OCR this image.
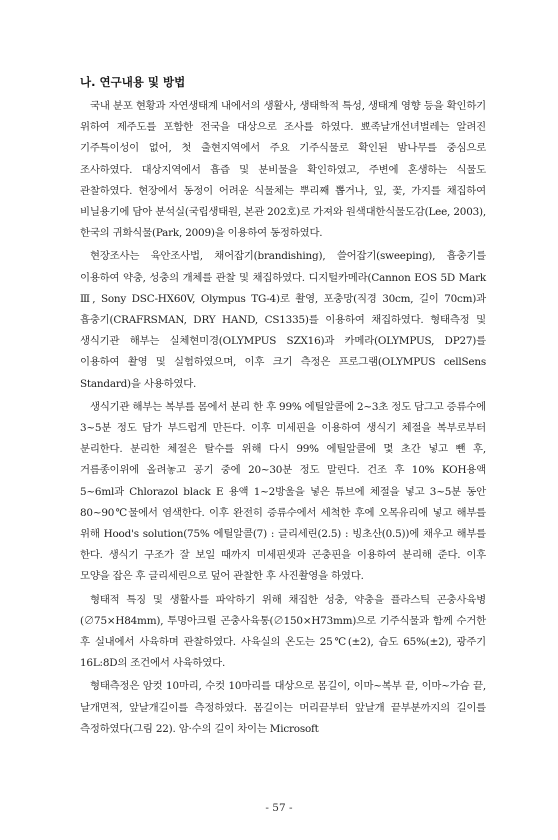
나. 연구내용 및 방법

국내 분포 현황과 자연생태계 내에서의 생활사, 생태학적 특성, 생태계 영향 등을 확인하기 위하여 제주도를 포함한 전국을 대상으로 조사를 하였다. 뾰족날개선녀벌레는 알려진 기주특이성이 없어, 첫 출현지역에서 주요 기주식물로 확인된 밤나무를 중심으로 조사하였다. 대상지역에서 흡즙 및 분비물을 확인하였고, 주변에 혼생하는 식물도 관찰하였다. 현장에서 동정이 어려운 식물체는 뿌리째 뽑거나, 잎, 꽃, 가지를 채집하여 비닐용기에 담아 분석실(국립생태원, 본관 202호)로 가져와 원색대한식물도감(Lee, 2003), 한국의 귀화식물(Park, 2009)을 이용하여 동정하였다.

현장조사는 육안조사법, 채어잡기(brandishing), 쓸어잡기(sweeping), 흡충기를 이용하여 약충, 성충의 개체를 관찰 및 채집하였다. 디지털카메라(Cannon EOS 5D Mark Ⅲ, Sony DSC-HX60V, Olympus TG-4)로 촬영, 포충망(직경 30cm, 길이 70cm)과 흡충기(CRAFRSMAN, DRY HAND, CS1335)를 이용하여 채집하였다. 형태측정 및 생식기관 해부는 실체현미경(OLYMPUS SZX16)과 카메라(OLYMPUS, DP27)를 이용하여 촬영 및 실험하였으며, 이후 크기 측정은 프로그램(OLYMPUS cellSens Standard)을 사용하였다.

생식기관 해부는 복부를 몸에서 분리 한 후 99% 에틸알콜에 2~3초 정도 담그고 증류수에 3~5분 정도 담가 부드럽게 만든다. 이후 미세핀을 이용하여 생식기 체절을 복부로부터 분리한다. 분리한 체절은 탈수를 위해 다시 99% 에틸알콜에 몇 초간 넣고 뺀 후, 거름종이위에 올려놓고 공기 중에 20~30분 정도 말린다. 건조 후 10% KOH용액 5~6ml과 Chlorazol black E 용액 1~2방울을 넣은 튜브에 체절을 넣고 3~5분 동안 80~90℃물에서 염색한다. 이후 완전히 증류수에서 세척한 후에 오목유리에 넣고 해부를 위해 Hood's solution(75% 에틸알콜(7) : 글리세린(2.5) : 빙초산(0.5))에 채우고 해부를 한다. 생식기 구조가 잘 보일 때까지 미세핀셋과 곤충핀을 이용하여 분리해 준다. 이후 모양을 잡은 후 글리세린으로 덮어 관찰한 후 사진촬영을 하였다.

형태적 특징 및 생활사를 파악하기 위해 채집한 성충, 약충을 플라스틱 곤충사육병(∅75×H84mm), 투명아크릴 곤충사육통(∅150×H73mm)으로 기주식물과 함께 수거한 후 실내에서 사육하며 관찰하였다. 사육실의 온도는 25℃(±2), 습도 65%(±2), 광주기 16L:8D의 조건에서 사육하였다.

형태측정은 암컷 10마리, 수컷 10마리를 대상으로 몸길이, 이마~복부 끝, 이마~가슴 끝, 날개면적, 앞날개길이를 측정하였다. 몸길이는 머리끝부터 앞날개 끝부분까지의 길이를 측정하였다(그림 22). 암·수의 길이 차이는 Microsoft

- 57 -
